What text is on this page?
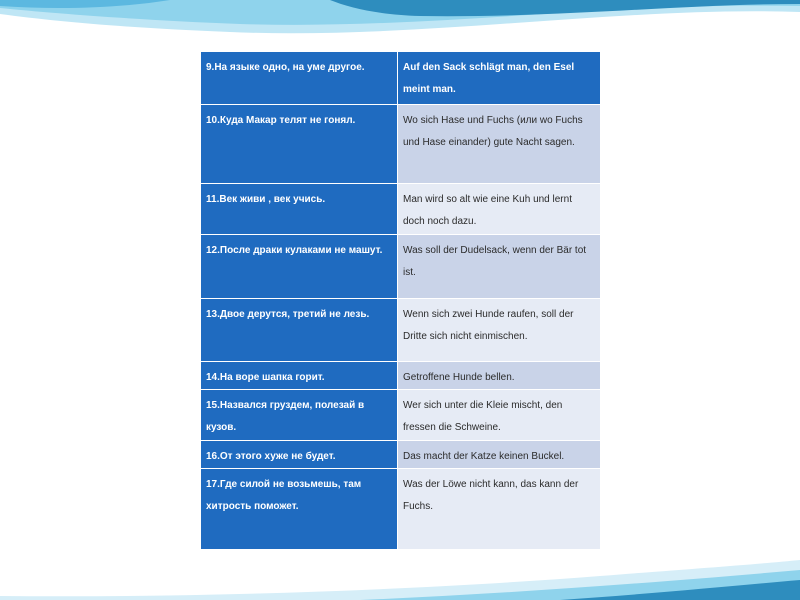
9.На языке одно, на уме другое.	Auf den Sack schlägt man, den Esel meint man.
10.Куда Макар телят не гонял.	Wo sich Hase und Fuchs (или wo Fuchs und Hase einander) gute Nacht sagen.
11.Век живи , век учись.	Man wird so alt wie eine Kuh und lernt doch noch dazu.
12.После драки кулаками не машут.	Was soll der Dudelsack, wenn der Bär tot ist.
13.Двое дерутся, третий не лезь.	Wenn sich zwei Hunde raufen, soll der Dritte sich nicht einmischen.
14.На воре шапка горит.	Getroffene Hunde bellen.
15.Назвался груздем, полезай в кузов.	Wer sich unter die Kleie mischt, den fressen die Schweine.
16.От этого хуже не будет.	Das macht der Katze keinen Buckel.
17.Где силой не возьмешь, там хитрость поможет.	Was der Löwe nicht kann, das kann der Fuchs.
